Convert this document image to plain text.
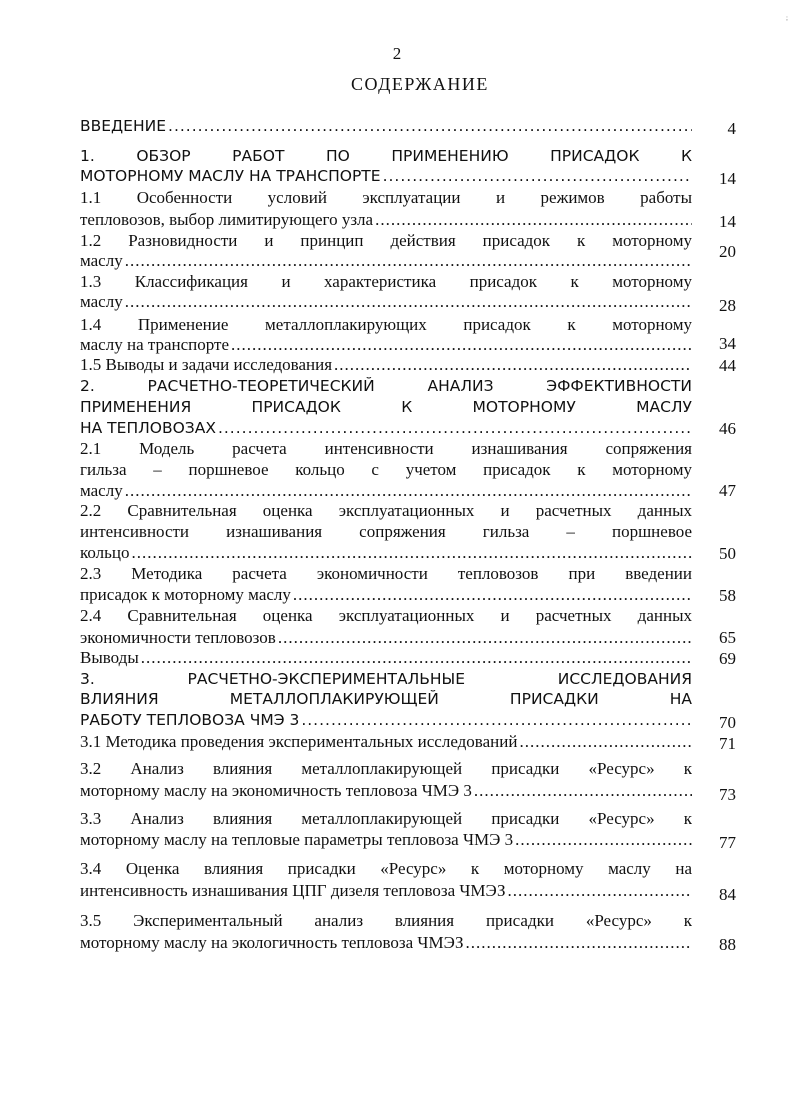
;
2
СОДЕРЖАНИЕ
ВВЕДЕНИЕ .....	4
1. ОБЗОР РАБОТ ПО ПРИМЕНЕНИЮ ПРИСАДОК К
МОТОРНОМУ МАСЛУ НА ТРАНСПОРТЕ .....	14
1.1 Особенности условий эксплуатации и режимов работы
тепловозов, выбор лимитирующего узла .....	14
1.2 Разновидности и принцип действия присадок к моторному
маслу .....	20
1.3 Классификация и характеристика присадок к моторному
маслу .....	28
1.4 Применение металлоплакирующих присадок к моторному
маслу на транспорте .....	34
1.5 Выводы и задачи исследования .....	44
2. РАСЧЕТНО-ТЕОРЕТИЧЕСКИЙ АНАЛИЗ ЭФФЕКТИВНОСТИ
ПРИМЕНЕНИЯ ПРИСАДОК К МОТОРНОМУ МАСЛУ
НА ТЕПЛОВОЗАХ .....	46
2.1 Модель расчета интенсивности изнашивания сопряжения
гильза – поршневое кольцо с учетом присадок к моторному
маслу .....	47
2.2 Сравнительная оценка эксплуатационных и расчетных данных
интенсивности изнашивания сопряжения гильза – поршневое
кольцо .....	50
2.3 Методика расчета экономичности тепловозов при введении
присадок к моторному маслу .....	58
2.4 Сравнительная оценка эксплуатационных и расчетных данных
экономичности тепловозов .....	65
Выводы .....	69
3. РАСЧЕТНО-ЭКСПЕРИМЕНТАЛЬНЫЕ ИССЛЕДОВАНИЯ
ВЛИЯНИЯ МЕТАЛЛОПЛАКИРУЮЩЕЙ ПРИСАДКИ НА
РАБОТУ ТЕПЛОВОЗА ЧМЭ 3 .....	70
3.1 Методика проведения экспериментальных исследований .....	71
3.2 Анализ влияния металлоплакирующей присадки «Ресурс» к
моторному маслу на экономичность тепловоза ЧМЭ 3 .....	73
3.3 Анализ влияния металлоплакирующей присадки «Ресурс» к
моторному маслу на тепловые параметры тепловоза ЧМЭ 3 .....	77
3.4 Оценка влияния присадки «Ресурс» к моторному маслу на
интенсивность изнашивания ЦПГ дизеля тепловоза ЧМЭЗ .....	84
3.5 Экспериментальный анализ влияния присадки «Ресурс» к
моторному маслу на экологичность тепловоза ЧМЭЗ .....	88
